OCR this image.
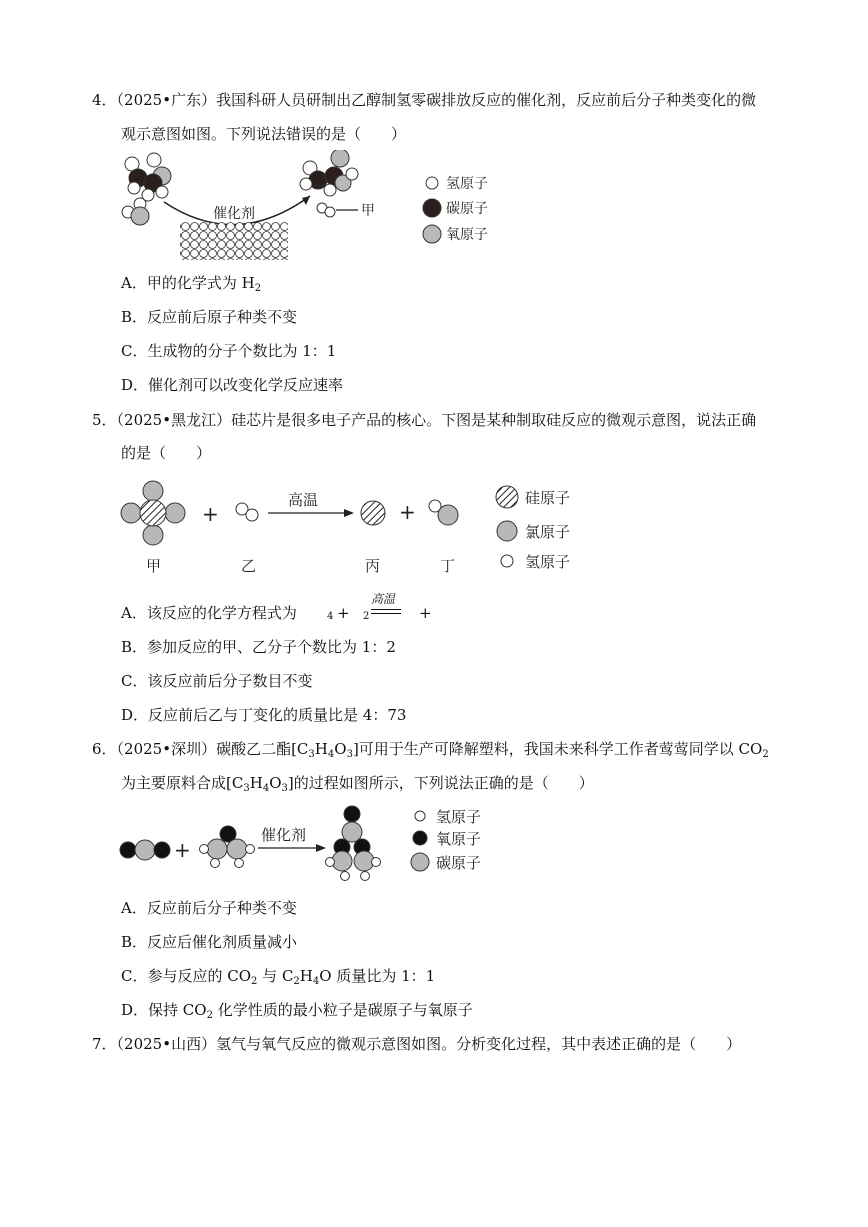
4．（2025•广东）我国科研人员研制出乙醇制氢零碳排放反应的催化剂，反应前后分子种类变化的微
观示意图如图。下列说法错误的是（　　）
催化剂	甲
氢原子
碳原子
氧原子
A．甲的化学式为 $H_2$
B．反应前后原子种类不变
C．生成物的分子个数比为 1：1
D．催化剂可以改变化学反应速率
5．（2025•黑龙江）硅芯片是很多电子产品的核心。下图是某种制取硅反应的微观示意图，说法正确
的是（　　）
+
高温	+
甲	乙	丙	丁
硅原子
氯原子
氢原子
A．该反应的化学方程式为	4 + 2
高温
+
B．参加反应的甲、乙分子个数比为 1：2
C．该反应前后分子数目不变
D．反应前后乙与丁变化的质量比是 4：73
6．（2025•深圳）碳酸乙二酯$[C_3H_4O_3]$可用于生产可降解塑料，我国未来科学工作者莺莺同学以 $CO_2$
为主要原料合成$[C_3H_4O_3]$的过程如图所示，下列说法正确的是（　　）
+
催化剂
氢原子
氧原子
碳原子
A．反应前后分子种类不变
B．反应后催化剂质量减小
C．参与反应的 $CO_2$ 与 $C_2H_4O$ 质量比为 1：1
D．保持 $CO_2$ 化学性质的最小粒子是碳原子与氧原子
7．（2025•山西）氢气与氧气反应的微观示意图如图。分析变化过程，其中表述正确的是（　　）
